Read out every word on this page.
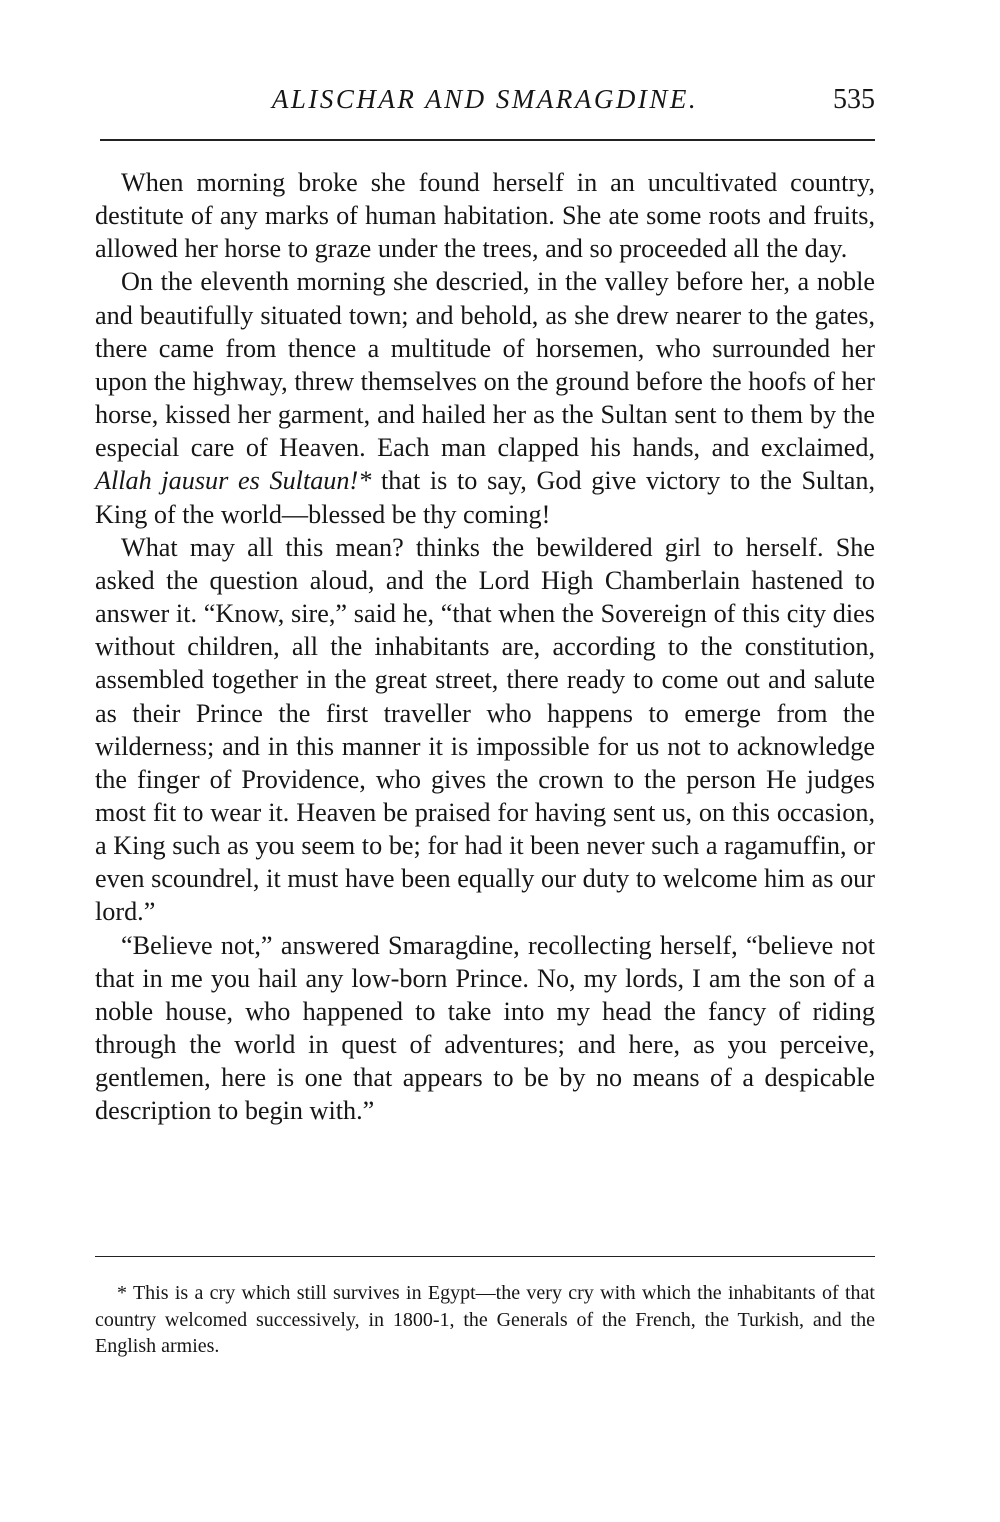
ALISCHAR AND SMARAGDINE.	535

When morning broke she found herself in an uncultivated country, destitute of any marks of human habitation. She ate some roots and fruits, allowed her horse to graze under the trees, and so proceeded all the day.

On the eleventh morning she descried, in the valley before her, a noble and beautifully situated town; and behold, as she drew nearer to the gates, there came from thence a multitude of horsemen, who surrounded her upon the highway, threw themselves on the ground before the hoofs of her horse, kissed her garment, and hailed her as the Sultan sent to them by the especial care of Heaven. Each man clapped his hands, and exclaimed, Allah jausur es Sultaun!* that is to say, God give victory to the Sultan, King of the world—blessed be thy coming!

What may all this mean? thinks the bewildered girl to herself. She asked the question aloud, and the Lord High Chamberlain hastened to answer it. “Know, sire,” said he, “that when the Sovereign of this city dies without children, all the inhabitants are, according to the constitution, assembled together in the great street, there ready to come out and salute as their Prince the first traveller who happens to emerge from the wilderness; and in this manner it is impossible for us not to acknowledge the finger of Providence, who gives the crown to the person He judges most fit to wear it. Heaven be praised for having sent us, on this occasion, a King such as you seem to be; for had it been never such a ragamuffin, or even scoundrel, it must have been equally our duty to welcome him as our lord.”

“Believe not,” answered Smaragdine, recollecting herself, “believe not that in me you hail any low-born Prince. No, my lords, I am the son of a noble house, who happened to take into my head the fancy of riding through the world in quest of adventures; and here, as you perceive, gentlemen, here is one that appears to be by no means of a despicable description to begin with.”

* This is a cry which still survives in Egypt—the very cry with which the inhabitants of that country welcomed successively, in 1800-1, the Generals of the French, the Turkish, and the English armies.
